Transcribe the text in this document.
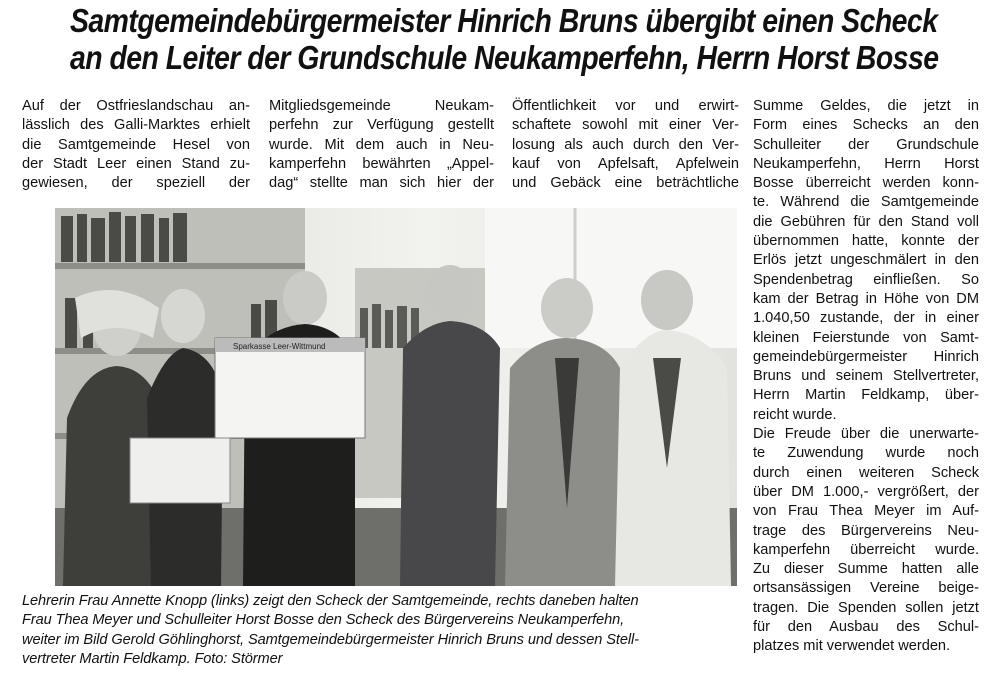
Samtgemeindebürgermeister Hinrich Bruns übergibt einen Scheck
an den Leiter der Grundschule Neukamperfehn, Herrn Horst Bosse
Auf der Ostfrieslandschau an-
lässlich des Galli-Marktes erhielt
die Samtgemeinde Hesel von
der Stadt Leer einen Stand zu-
gewiesen, der speziell der
Mitgliedsgemeinde Neukam-
perfehn zur Verfügung gestellt
wurde. Mit dem auch in Neu-
kamperfehn bewährten „Appel-
dag“ stellte man sich hier der
Öffentlichkeit vor und erwirt-
schaftete sowohl mit einer Ver-
losung als auch durch den Ver-
kauf von Apfelsaft, Apfelwein
und Gebäck eine beträchtliche
Summe Geldes, die jetzt in
Form eines Schecks an den
Schulleiter der Grundschule
Neukamperfehn, Herrn Horst
Bosse überreicht werden konn-
te. Während die Samtgemeinde
die Gebühren für den Stand voll
übernommen hatte, konnte der
Erlös jetzt ungeschmälert in den
Spendenbetrag einfließen. So
kam der Betrag in Höhe von DM
1.040,50 zustande, der in einer
kleinen Feierstunde von Samt-
gemeindebürgermeister Hinrich
Bruns und seinem Stellvertreter,
Herrn Martin Feldkamp, über-
reicht wurde.
Die Freude über die unerwarte-
te Zuwendung wurde noch
durch einen weiteren Scheck
über DM 1.000,- vergrößert, der
von Frau Thea Meyer im Auf-
trage des Bürgervereins Neu-
kamperfehn überreicht wurde.
Zu dieser Summe hatten alle
ortsansässigen Vereine beige-
tragen. Die Spenden sollen jetzt
für den Ausbau des Schul-
platzes mit verwendet werden.
Sparkasse Leer-Wittmund
Lehrerin Frau Annette Knopp (links) zeigt den Scheck der Samtgemeinde, rechts daneben halten
Frau Thea Meyer und Schulleiter Horst Bosse den Scheck des Bürgervereins Neukamperfehn,
weiter im Bild Gerold Göhlinghorst, Samtgemeindebürgermeister Hinrich Bruns und dessen Stell-
vertreter Martin Feldkamp. Foto: Störmer
